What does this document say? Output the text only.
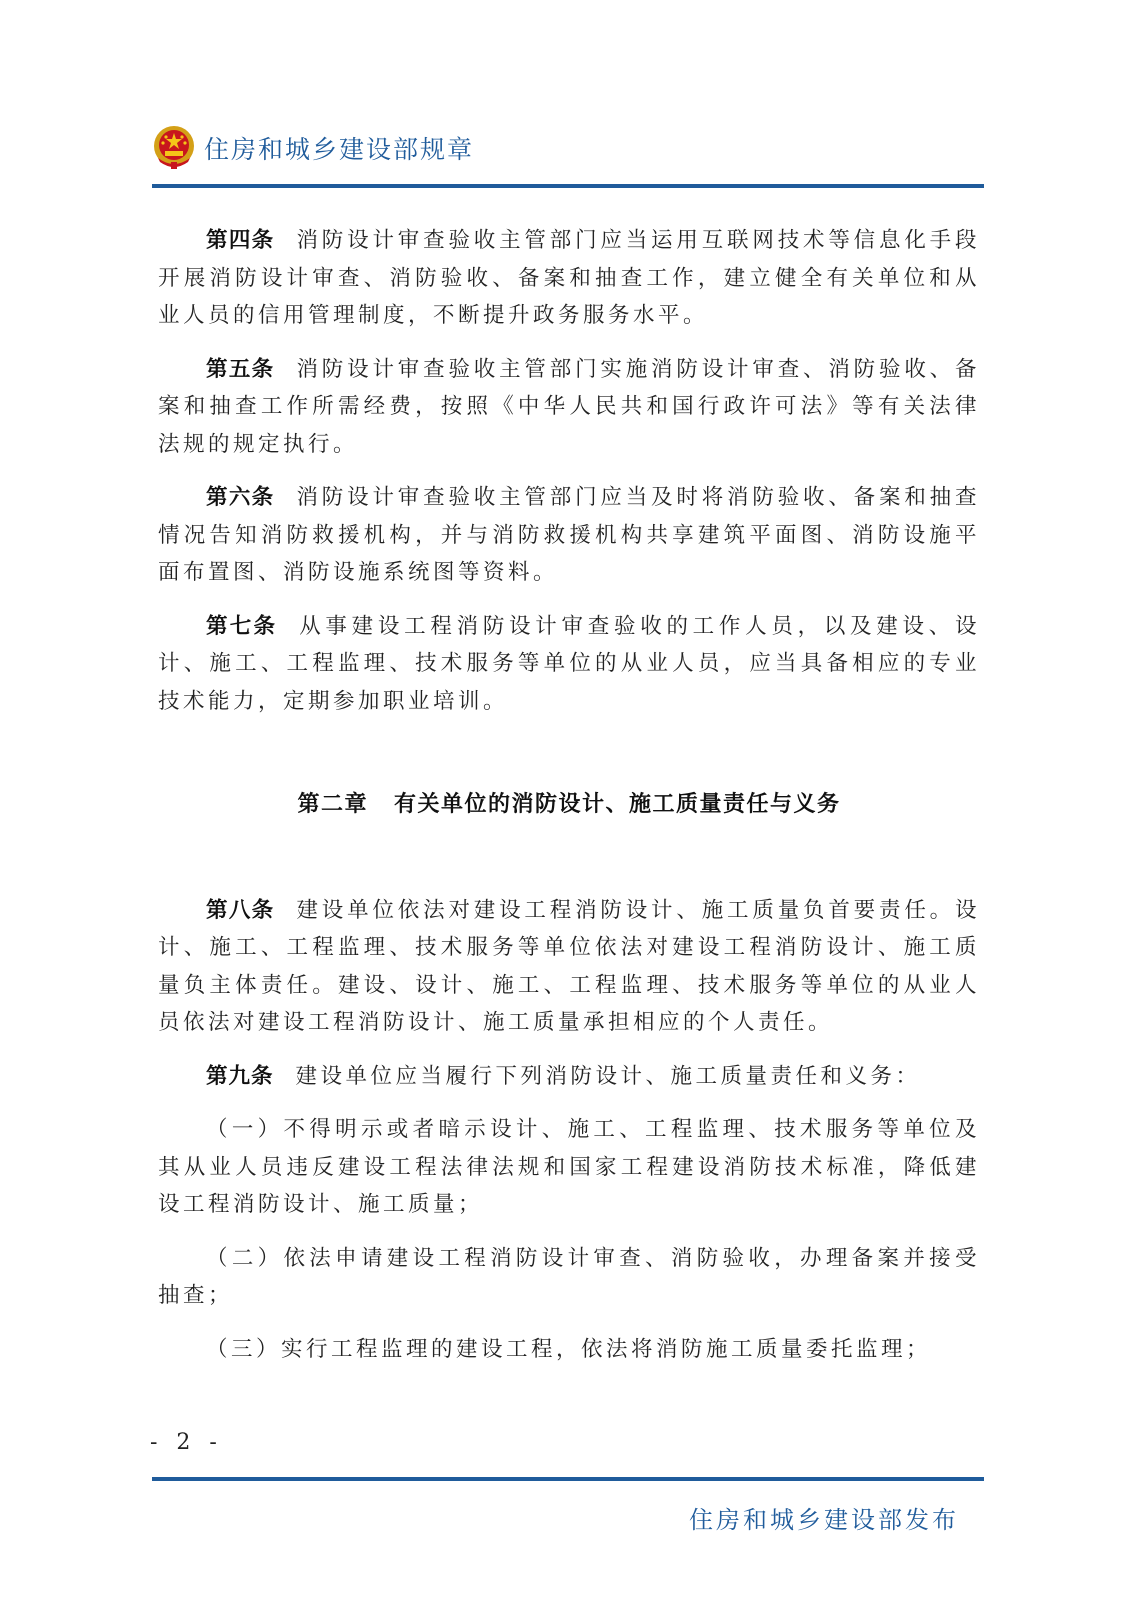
住房和城乡建设部规章

第四条 消防设计审查验收主管部门应当运用互联网技术等信息化手段开展消防设计审查、消防验收、备案和抽查工作，建立健全有关单位和从业人员的信用管理制度，不断提升政务服务水平。

第五条 消防设计审查验收主管部门实施消防设计审查、消防验收、备案和抽查工作所需经费，按照《中华人民共和国行政许可法》等有关法律法规的规定执行。

第六条 消防设计审查验收主管部门应当及时将消防验收、备案和抽查情况告知消防救援机构，并与消防救援机构共享建筑平面图、消防设施平面布置图、消防设施系统图等资料。

第七条 从事建设工程消防设计审查验收的工作人员，以及建设、设计、施工、工程监理、技术服务等单位的从业人员，应当具备相应的专业技术能力，定期参加职业培训。

第二章 有关单位的消防设计、施工质量责任与义务

第八条 建设单位依法对建设工程消防设计、施工质量负首要责任。设计、施工、工程监理、技术服务等单位依法对建设工程消防设计、施工质量负主体责任。建设、设计、施工、工程监理、技术服务等单位的从业人员依法对建设工程消防设计、施工质量承担相应的个人责任。

第九条 建设单位应当履行下列消防设计、施工质量责任和义务：

（一）不得明示或者暗示设计、施工、工程监理、技术服务等单位及其从业人员违反建设工程法律法规和国家工程建设消防技术标准，降低建设工程消防设计、施工质量；

（二）依法申请建设工程消防设计审查、消防验收，办理备案并接受抽查；

（三）实行工程监理的建设工程，依法将消防施工质量委托监理；

- 2 -
住房和城乡建设部发布
